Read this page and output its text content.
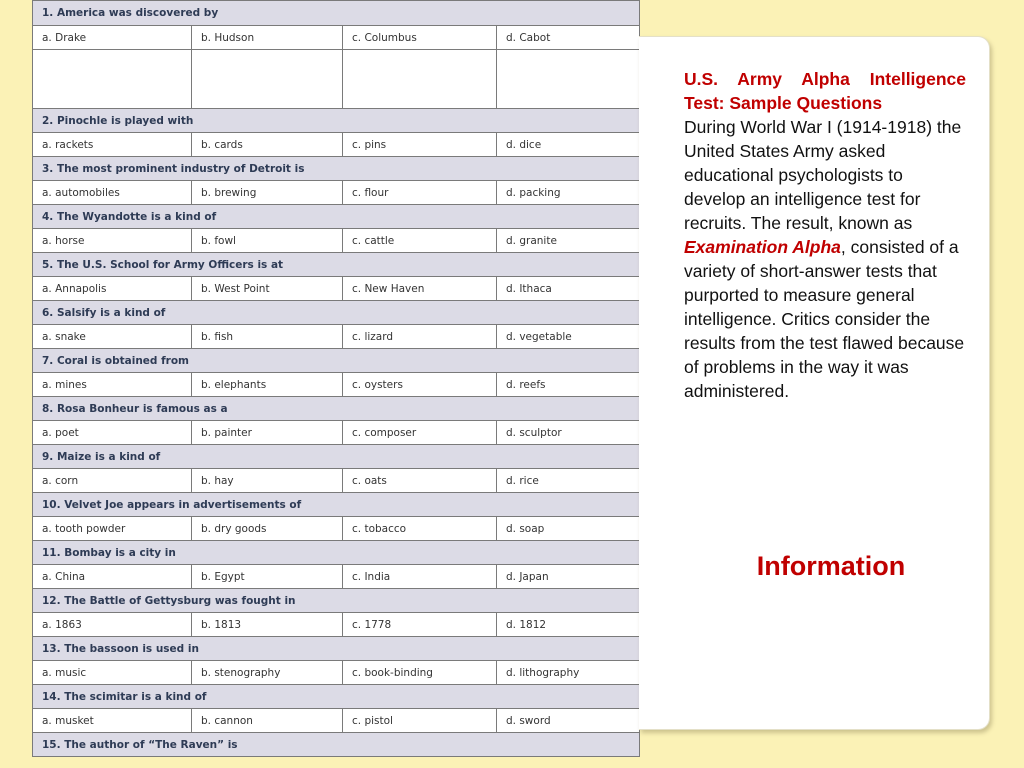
1. America was discovered by			
a. Drake	b. Hudson	c. Columbus	d. Cabot

2. Pinochle is played with			
a. rackets	b. cards	c. pins	d. dice
3. The most prominent industry of Detroit is			
a. automobiles	b. brewing	c. flour	d. packing
4. The Wyandotte is a kind of			
a. horse	b. fowl	c. cattle	d. granite
5. The U.S. School for Army Officers is at			
a. Annapolis	b. West Point	c. New Haven	d. Ithaca
6. Salsify is a kind of			
a. snake	b. fish	c. lizard	d. vegetable
7. Coral is obtained from			
a. mines	b. elephants	c. oysters	d. reefs
8. Rosa Bonheur is famous as a			
a. poet	b. painter	c. composer	d. sculptor
9. Maize is a kind of			
a. corn	b. hay	c. oats	d. rice
10. Velvet Joe appears in advertisements of			
a. tooth powder	b. dry goods	c. tobacco	d. soap
11. Bombay is a city in			
a. China	b. Egypt	c. India	d. Japan
12. The Battle of Gettysburg was fought in			
a. 1863	b. 1813	c. 1778	d. 1812
13. The bassoon is used in			
a. music	b. stenography	c. book-binding	d. lithography
14. The scimitar is a kind of			
a. musket	b. cannon	c. pistol	d. sword
15. The author of “The Raven” is			
U.S. Army Alpha Intelligence Test: Sample Questions
During World War I (1914-1918) the United States Army asked educational psychologists to develop an intelligence test for recruits. The result, known as Examination Alpha, consisted of a variety of short-answer tests that purported to measure general intelligence. Critics consider the results from the test flawed because of problems in the way it was administered.
Information
